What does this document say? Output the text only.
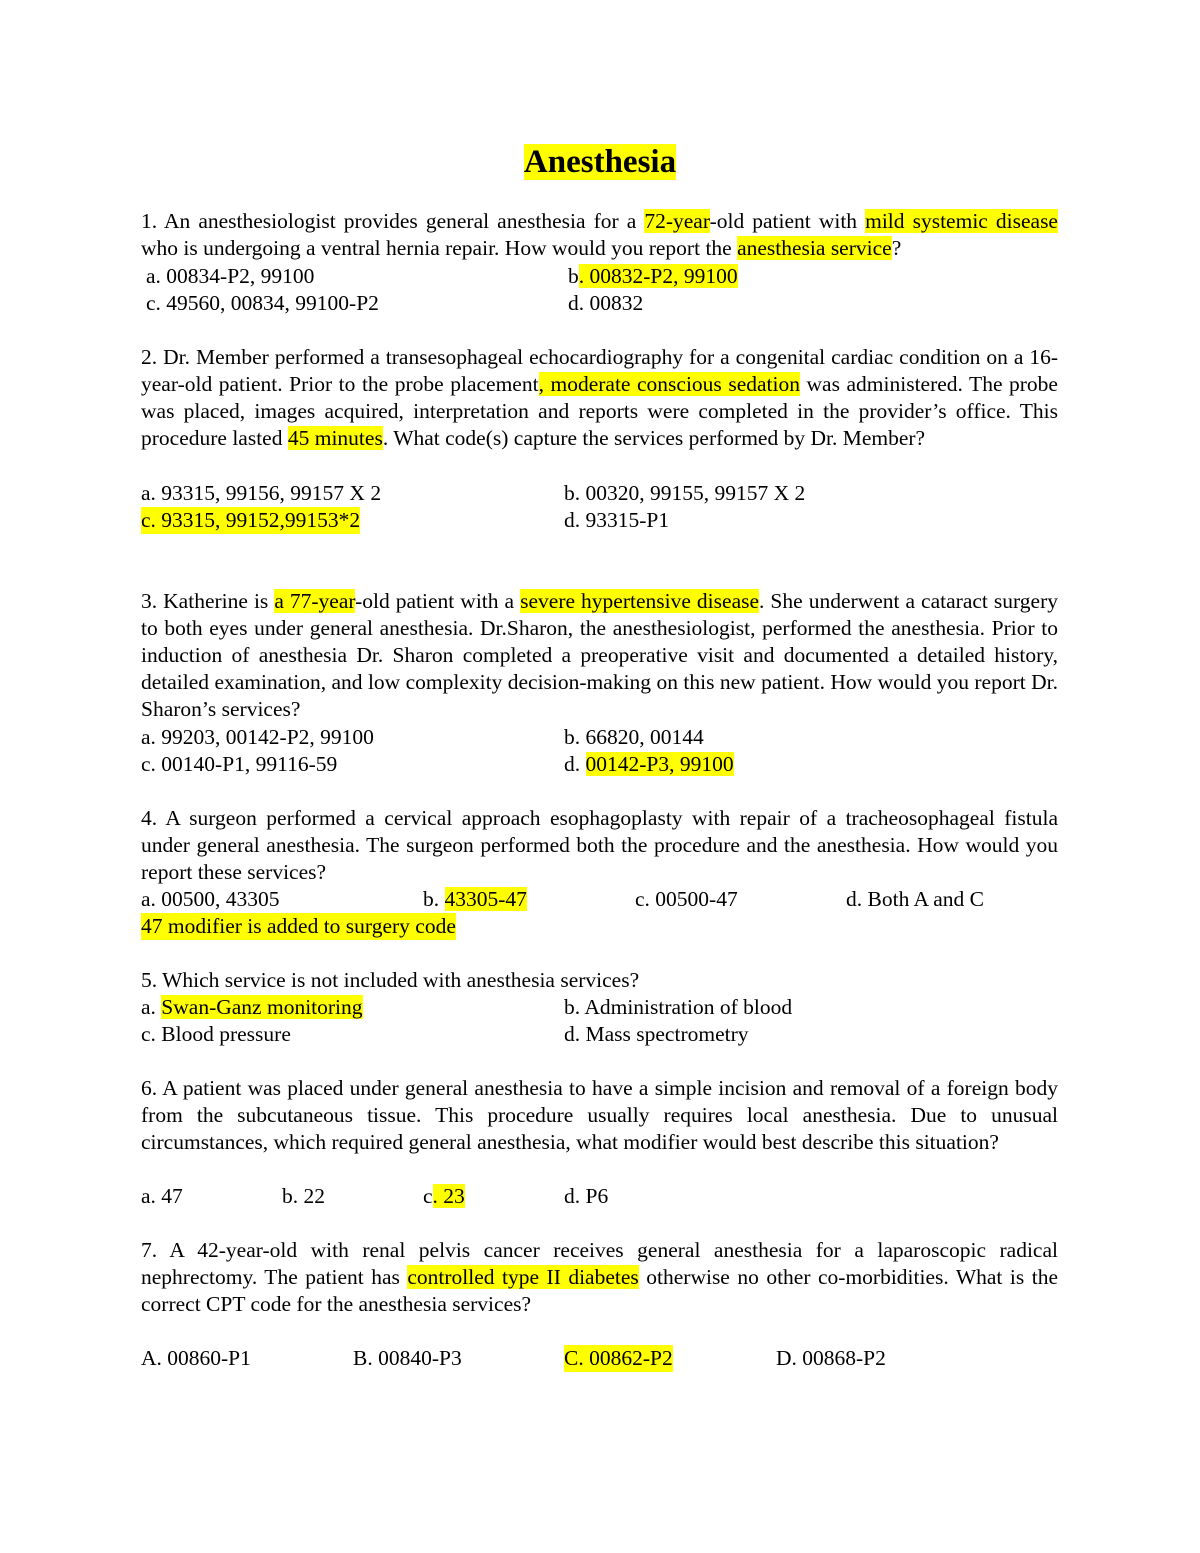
Anesthesia
1. An anesthesiologist provides general anesthesia for a 72-year-old patient with mild systemic disease who is undergoing a ventral hernia repair. How would you report the anesthesia service?
a. 00834-P2, 99100	b. 00832-P2, 99100
c. 49560, 00834, 99100-P2	d. 00832
2. Dr. Member performed a transesophageal echocardiography for a congenital cardiac condition on a 16-year-old patient. Prior to the probe placement, moderate conscious sedation was administered. The probe was placed, images acquired, interpretation and reports were completed in the provider’s office. This procedure lasted 45 minutes. What code(s) capture the services performed by Dr. Member?
a. 93315, 99156, 99157 X 2	b. 00320, 99155, 99157 X 2
c. 93315, 99152,99153*2	d. 93315-P1
3. Katherine is a 77-year-old patient with a severe hypertensive disease. She underwent a cataract surgery to both eyes under general anesthesia. Dr.Sharon, the anesthesiologist, performed the anesthesia. Prior to induction of anesthesia Dr. Sharon completed a preoperative visit and documented a detailed history, detailed examination, and low complexity decision-making on this new patient. How would you report Dr. Sharon’s services?
a. 99203, 00142-P2, 99100	b. 66820, 00144
c. 00140-P1, 99116-59	d. 00142-P3, 99100
4. A surgeon performed a cervical approach esophagoplasty with repair of a tracheosophageal fistula under general anesthesia. The surgeon performed both the procedure and the anesthesia. How would you report these services?
a. 00500, 43305	b. 43305-47	c. 00500-47	d. Both A and C
47 modifier is added to surgery code
5. Which service is not included with anesthesia services?
a. Swan-Ganz monitoring	b. Administration of blood
c. Blood pressure	d. Mass spectrometry
6. A patient was placed under general anesthesia to have a simple incision and removal of a foreign body from the subcutaneous tissue. This procedure usually requires local anesthesia. Due to unusual circumstances, which required general anesthesia, what modifier would best describe this situation?
a. 47	b. 22	c. 23	d. P6
7. A 42-year-old with renal pelvis cancer receives general anesthesia for a laparoscopic radical nephrectomy. The patient has controlled type II diabetes otherwise no other co-morbidities. What is the correct CPT code for the anesthesia services?
A. 00860-P1	B. 00840-P3	C. 00862-P2	D. 00868-P2
